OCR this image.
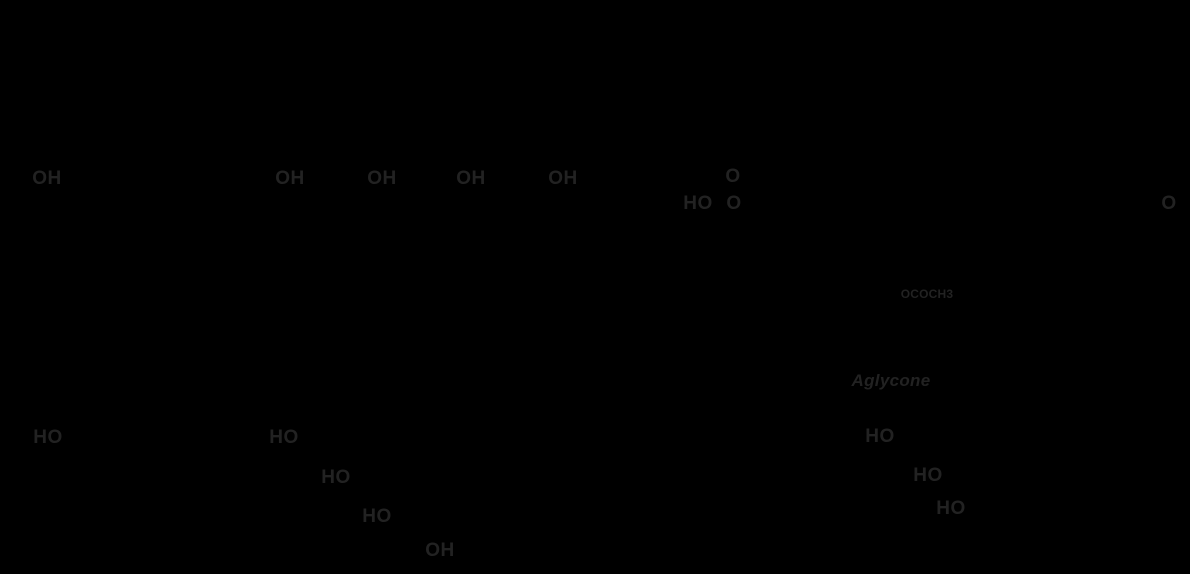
OH	OH	OH	OH	OH
HO
O
O	O
OCOCH3
Aglycone
HO	HO
HO
HO
OH
HO
HO
HO
